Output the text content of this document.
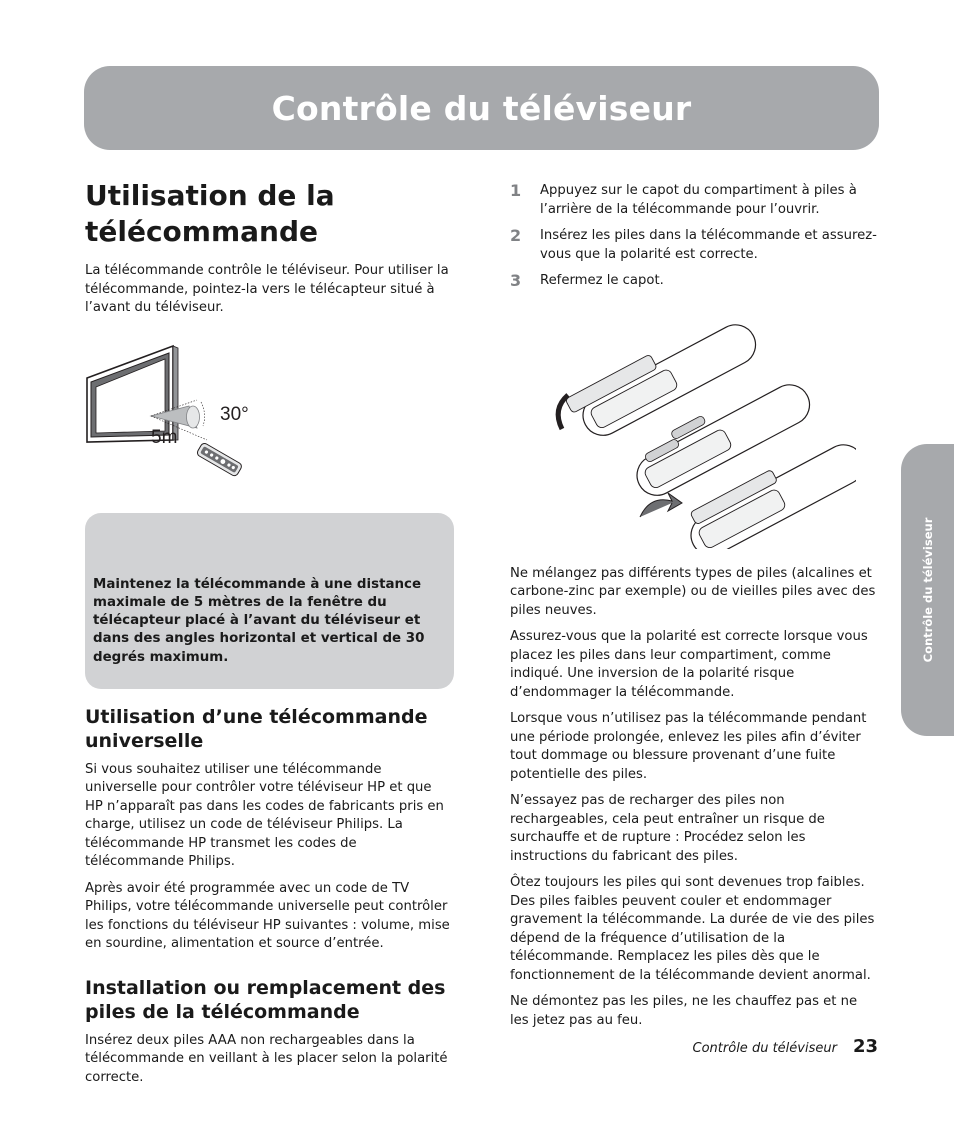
Contrôle du téléviseur
Utilisation de la télécommande

La télécommande contrôle le téléviseur. Pour utiliser la télécommande, pointez-la vers le télécapteur situé à l’avant du téléviseur.

30°
5m

Maintenez la télécommande à une distance maximale de 5 mètres de la fenêtre du télécapteur placé à l’avant du téléviseur et dans des angles horizontal et vertical de 30 degrés maximum.

Utilisation d’une télécommande universelle

Si vous souhaitez utiliser une télécommande universelle pour contrôler votre téléviseur HP et que HP n’apparaît pas dans les codes de fabricants pris en charge, utilisez un code de téléviseur Philips. La télécommande HP transmet les codes de télécommande Philips.

Après avoir été programmée avec un code de TV Philips, votre télécommande universelle peut contrôler les fonctions du téléviseur HP suivantes : volume, mise en sourdine, alimentation et source d’entrée.

Installation ou remplacement des piles de la télécommande

Insérez deux piles AAA non rechargeables dans la télécommande en veillant à les placer selon la polarité correcte.

1	Appuyez sur le capot du compartiment à piles à l’arrière de la télécommande pour l’ouvrir.
2	Insérez les piles dans la télécommande et assurez-vous que la polarité est correcte.
3	Refermez le capot.

Ne mélangez pas différents types de piles (alcalines et carbone-zinc par exemple) ou de vieilles piles avec des piles neuves.

Assurez-vous que la polarité est correcte lorsque vous placez les piles dans leur compartiment, comme indiqué. Une inversion de la polarité risque d’endommager la télécommande.

Lorsque vous n’utilisez pas la télécommande pendant une période prolongée, enlevez les piles afin d’éviter tout dommage ou blessure provenant d’une fuite potentielle des piles.

N’essayez pas de recharger des piles non rechargeables, cela peut entraîner un risque de surchauffe et de rupture : Procédez selon les instructions du fabricant des piles.

Ôtez toujours les piles qui sont devenues trop faibles. Des piles faibles peuvent couler et endommager gravement la télécommande. La durée de vie des piles dépend de la fréquence d’utilisation de la télécommande. Remplacez les piles dès que le fonctionnement de la télécommande devient anormal.

Ne démontez pas les piles, ne les chauffez pas et ne les jetez pas au feu.

Contrôle du téléviseur
Contrôle du téléviseur 23
